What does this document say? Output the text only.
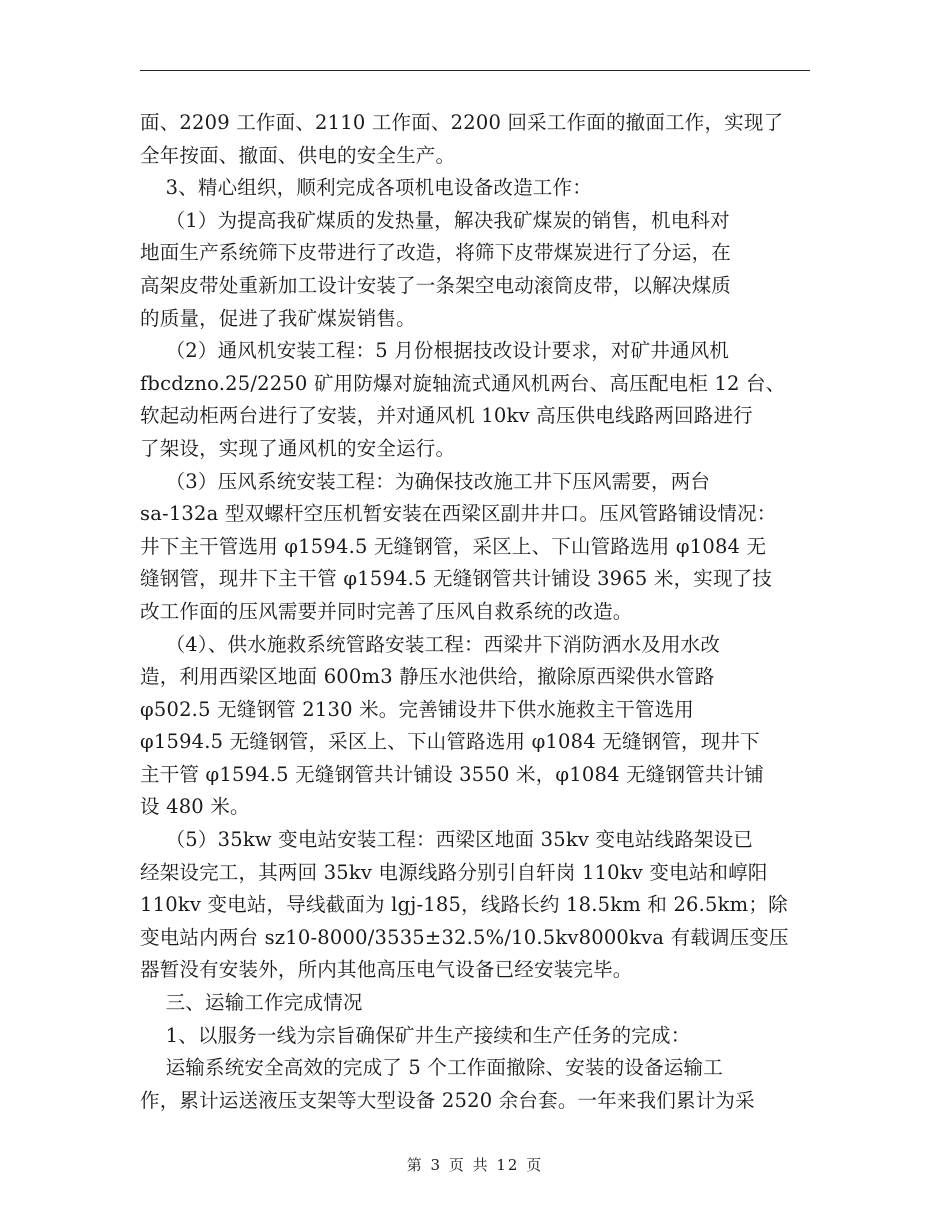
面、2209 工作面、2110 工作面、2200 回采工作面的撤面工作，实现了
全年按面、撤面、供电的安全生产。
3、精心组织，顺利完成各项机电设备改造工作：
（1）为提高我矿煤质的发热量，解决我矿煤炭的销售，机电科对
地面生产系统筛下皮带进行了改造，将筛下皮带煤炭进行了分运，在
高架皮带处重新加工设计安装了一条架空电动滚筒皮带，以解决煤质
的质量，促进了我矿煤炭销售。
（2）通风机安装工程：5 月份根据技改设计要求，对矿井通风机
fbcdzno.25/2250 矿用防爆对旋轴流式通风机两台、高压配电柜 12 台、
软起动柜两台进行了安装，并对通风机 10kv 高压供电线路两回路进行
了架设，实现了通风机的安全运行。
（3）压风系统安装工程：为确保技改施工井下压风需要，两台
sa-132a 型双螺杆空压机暂安装在西梁区副井井口。压风管路铺设情况：
井下主干管选用 φ1594.5 无缝钢管，采区上、下山管路选用 φ1084 无
缝钢管，现井下主干管 φ1594.5 无缝钢管共计铺设 3965 米，实现了技
改工作面的压风需要并同时完善了压风自救系统的改造。
（4）、供水施救系统管路安装工程：西梁井下消防洒水及用水改
造，利用西梁区地面 600m3 静压水池供给，撤除原西梁供水管路
φ502.5 无缝钢管 2130 米。完善铺设井下供水施救主干管选用
φ1594.5 无缝钢管，采区上、下山管路选用 φ1084 无缝钢管，现井下
主干管 φ1594.5 无缝钢管共计铺设 3550 米，φ1084 无缝钢管共计铺
设 480 米。
（5）35kw 变电站安装工程：西梁区地面 35kv 变电站线路架设已
经架设完工，其两回 35kv 电源线路分别引自轩岗 110kv 变电站和崞阳
110kv 变电站，导线截面为 lgj-185，线路长约 18.5km 和 26.5km；除
变电站内两台 sz10-8000/3535±32.5%/10.5kv8000kva 有载调压变压
器暂没有安装外，所内其他高压电气设备已经安装完毕。
三、运输工作完成情况
1、以服务一线为宗旨确保矿井生产接续和生产任务的完成：
运输系统安全高效的完成了 5 个工作面撤除、安装的设备运输工
作，累计运送液压支架等大型设备 2520 余台套。一年来我们累计为采
第 3 页 共 12 页
